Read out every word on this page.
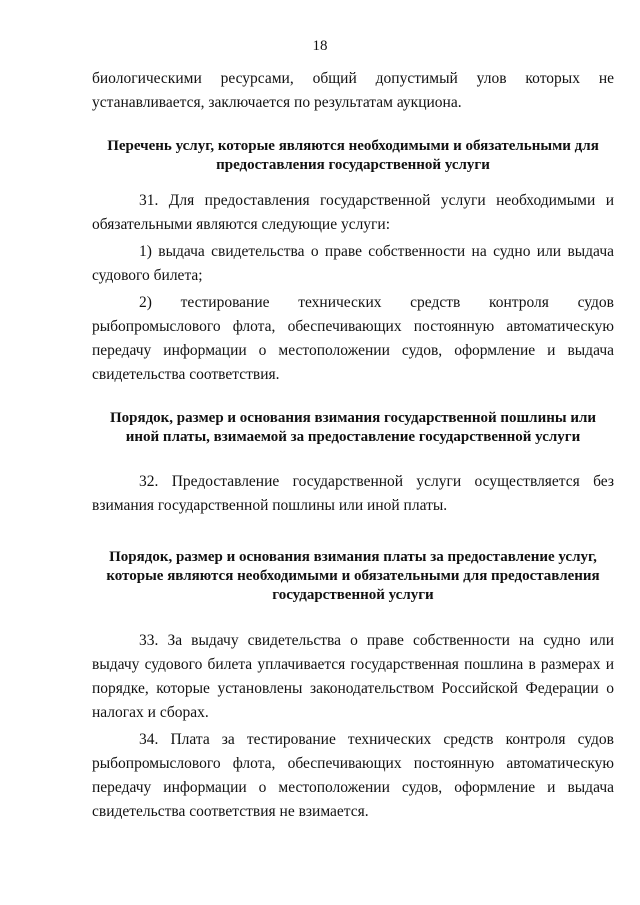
18

биологическими ресурсами, общий допустимый улов которых не устанавливается, заключается по результатам аукциона.

Перечень услуг, которые являются необходимыми и обязательными для предоставления государственной услуги

31. Для предоставления государственной услуги необходимыми и обязательными являются следующие услуги:

1) выдача свидетельства о праве собственности на судно или выдача судового билета;

2) тестирование технических средств контроля судов рыбопромыслового флота, обеспечивающих постоянную автоматическую передачу информации о местоположении судов, оформление и выдача свидетельства соответствия.

Порядок, размер и основания взимания государственной пошлины или иной платы, взимаемой за предоставление государственной услуги

32. Предоставление государственной услуги осуществляется без взимания государственной пошлины или иной платы.

Порядок, размер и основания взимания платы за предоставление услуг, которые являются необходимыми и обязательными для предоставления государственной услуги

33. За выдачу свидетельства о праве собственности на судно или выдачу судового билета уплачивается государственная пошлина в размерах и порядке, которые установлены законодательством Российской Федерации о налогах и сборах.

34. Плата за тестирование технических средств контроля судов рыбопромыслового флота, обеспечивающих постоянную автоматическую передачу информации о местоположении судов, оформление и выдача свидетельства соответствия не взимается.
